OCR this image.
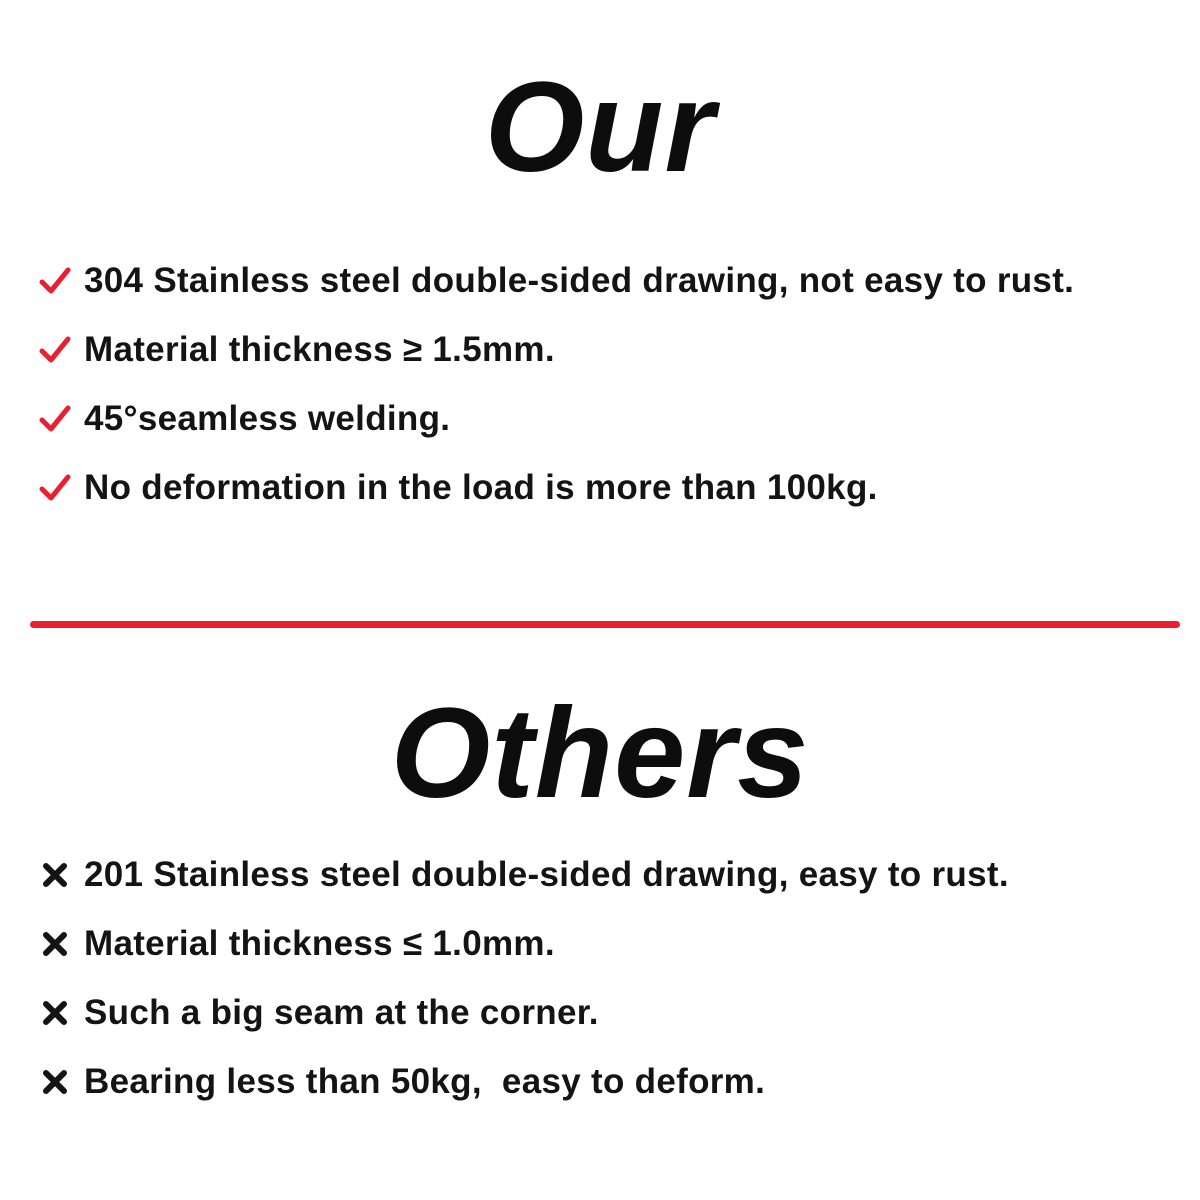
Our
304 Stainless steel double-sided drawing, not easy to rust.
Material thickness ≥ 1.5mm.
45°seamless welding.
No deformation in the load is more than 100kg.
Others
201 Stainless steel double-sided drawing, easy to rust.
Material thickness ≤ 1.0mm.
Such a big seam at the corner.
Bearing less than 50kg,  easy to deform.
